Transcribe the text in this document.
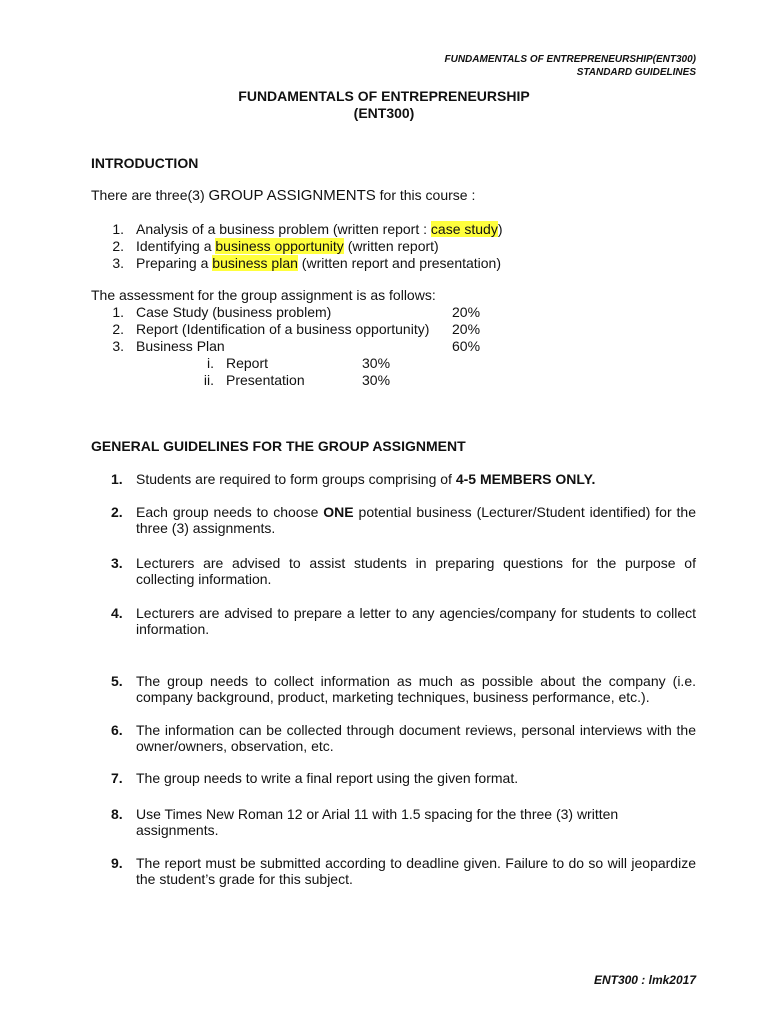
FUNDAMENTALS OF ENTREPRENEURSHIP(ENT300)
STANDARD GUIDELINES
FUNDAMENTALS OF ENTREPRENEURSHIP
(ENT300)
INTRODUCTION
There are three(3) GROUP ASSIGNMENTS for this course :
1. Analysis of a business problem (written report : case study)
2. Identifying a business opportunity (written report)
3. Preparing a business plan (written report and presentation)
The assessment for the group assignment is as follows:
1. Case Study (business problem)	20%
2. Report (Identification of a business opportunity) 20%
3. Business Plan	60%
i. Report	30%
ii. Presentation	30%
GENERAL GUIDELINES FOR THE GROUP ASSIGNMENT
1. Students are required to form groups comprising of 4-5 MEMBERS ONLY.
2. Each group needs to choose ONE potential business (Lecturer/Student identified) for the three (3) assignments.
3. Lecturers are advised to assist students in preparing questions for the purpose of collecting information.
4. Lecturers are advised to prepare a letter to any agencies/company for students to collect information.
5. The group needs to collect information as much as possible about the company (i.e. company background, product, marketing techniques, business performance, etc.).
6. The information can be collected through document reviews, personal interviews with the owner/owners, observation, etc.
7. The group needs to write a final report using the given format.
8. Use Times New Roman 12 or Arial 11 with 1.5 spacing for the three (3) written assignments.
9. The report must be submitted according to deadline given. Failure to do so will jeopardize the student’s grade for this subject.
ENT300 : lmk2017
